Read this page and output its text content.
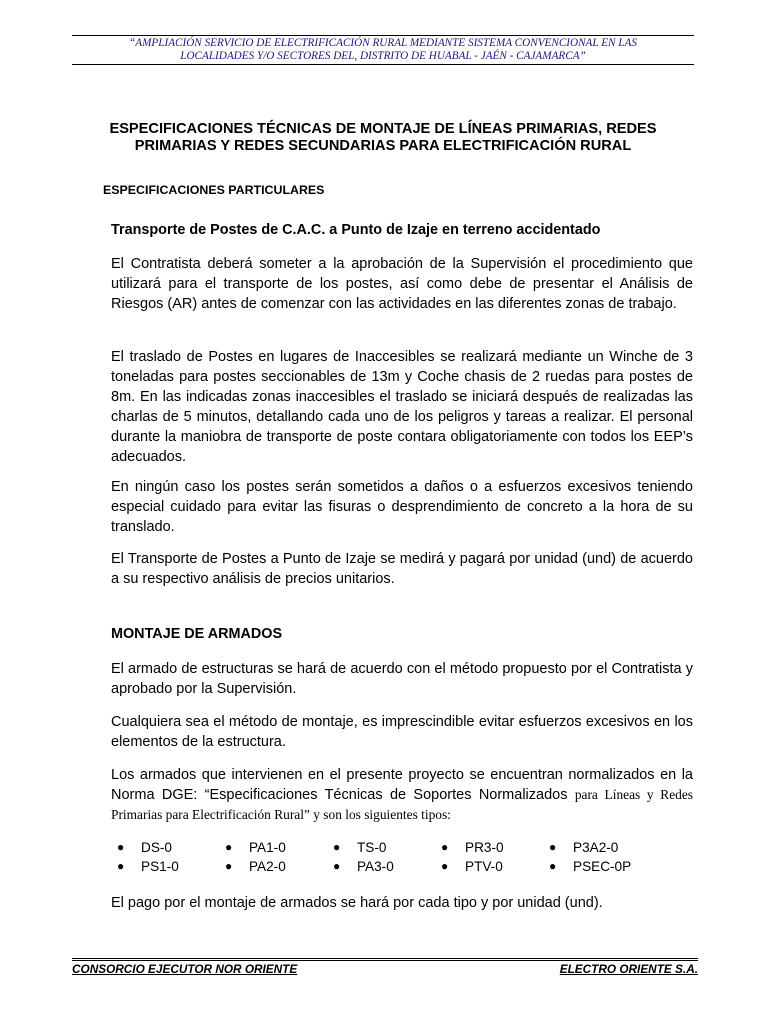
“AMPLIACIÓN SERVICIO DE ELECTRIFICACIÓN RURAL MEDIANTE SISTEMA CONVENCIONAL EN LAS
LOCALIDADES Y/O SECTORES DEL, DISTRITO DE HUABAL - JAÉN - CAJAMARCA”
ESPECIFICACIONES TÉCNICAS DE MONTAJE DE LÍNEAS PRIMARIAS, REDES
PRIMARIAS Y REDES SECUNDARIAS PARA ELECTRIFICACIÓN RURAL
ESPECIFICACIONES PARTICULARES
Transporte de Postes de C.A.C. a Punto de Izaje en terreno accidentado

El Contratista deberá someter a la aprobación de la Supervisión el procedimiento que utilizará para el transporte de los postes, así como debe de presentar el Análisis de Riesgos (AR) antes de comenzar con las actividades en las diferentes zonas de trabajo.

El traslado de Postes en lugares de Inaccesibles se realizará mediante un Winche de 3 toneladas para postes seccionables de 13m y Coche chasis de 2 ruedas para postes de 8m. En las indicadas zonas inaccesibles el traslado se iniciará después de realizadas las charlas de 5 minutos, detallando cada uno de los peligros y tareas a realizar. El personal durante la maniobra de transporte de poste contara obligatoriamente con todos los EEP’s adecuados.

En ningún caso los postes serán sometidos a daños o a esfuerzos excesivos teniendo especial cuidado para evitar las fisuras o desprendimiento de concreto a la hora de su translado.

El Transporte de Postes a Punto de Izaje se medirá y pagará por unidad (und) de acuerdo a su respectivo análisis de precios unitarios.

MONTAJE DE ARMADOS

El armado de estructuras se hará de acuerdo con el método propuesto por el Contratista y aprobado por la Supervisión.

Cualquiera sea el método de montaje, es imprescindible evitar esfuerzos excesivos en los elementos de la estructura.

Los armados que intervienen en el presente proyecto se encuentran normalizados en la Norma DGE: “Especificaciones Técnicas de Soportes Normalizados para Líneas y Redes Primarias para Electrificación Rural” y son los siguientes tipos:

● DS-0	● PA1-0	● TS-0	● PR3-0	● P3A2-0
● PS1-0	● PA2-0	● PA3-0	● PTV-0	● PSEC-0P

El pago por el montaje de armados se hará por cada tipo y por unidad (und).

CONSORCIO EJECUTOR NOR ORIENTE	ELECTRO ORIENTE S.A.
